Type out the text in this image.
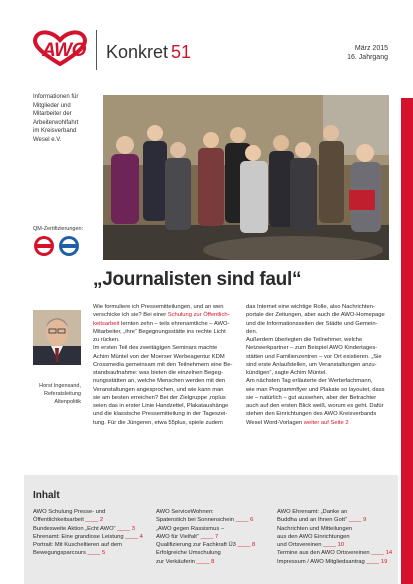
AWO Konkret 51	März 2015
16. Jahrgang
Informationen für
Mitglieder und
Mitarbeiter der
Arbeiterwohlfahrt
im Kreisverband
Wesel e.V.
QM-Zertifizierungen:
„Journalisten sind faul“
Horst Ingensand,
Referatsleitung
Altenpolitik
Wie formuliere ich Pressemitteilungen, und an wen
verschicke ich sie? Bei einer Schulung zur Öffentlich-
keitsarbeit lernten zehn – teils ehrenamtliche – AWO-
Mitarbeiter, „ihre“ Begegnungsstätte ins rechte Licht
zu rücken.
Im ersten Teil des zweitägigen Seminars machte
Achim Müntel von der Moerser Werbeagentur KDM
Crossmedia gemeinsam mit den Teilnehmern eine Be-
standsaufnahme: was bieten die einzelnen Begeg-
nungsstätten an, welche Menschen werden mit den
Veranstaltungen angesprochen, und wie kann man
sie am besten erreichen? Bei der Zielgruppe ‚roplus
seien das in erster Linie Handzettel, Plakataushänge
und die klassische Pressemitteilung in der Tageszei-
tung. Für die Jüngeren, etwa 55plus, spiele zudem
das Internet eine wichtige Rolle, also Nachrichten-
portale der Zeitungen, aber auch die AWO-Homepage
und die Informationsseiten der Städte und Gemein-
den.
Außerdem überlegten die Teilnehmer, welche
Netzwerkpartner – zum Beispiel AWO Kindertages-
stätten und Familienzentren – vor Ort existieren. „Sie
sind erste Anlaufstellen, um Veranstaltungen anzu-
kündigen“, sagte Achim Müntel.
Am nächsten Tag erläuterte der Werbefachmann,
wie man Programmflyer und Plakate so layoutet, dass
sie – natürlich – gut aussehen, aber der Betrachter
auch auf den ersten Blick weiß, worum es geht. Dafür
stehen den Einrichtungen des AWO Kreisverbands
Wesel Word-Vorlagen weiter auf Seite 2
Inhalt
AWO Schulung Presse- und
Öffentlichkeitsarbeit ____ 2
Bundesweite Aktion „Echt AWO“ ____ 3
Ehrenamt: Eine grandiose Leistung ____ 4
Portrait: Mit Kuscheltieren auf dem
Bewegungsparcours ____ 5
AWO ServiceWohnen:
Spatenstich bei Sonnenschein ____ 6
„AWO gegen Rassismus –
AWO für Vielfalt“ ____ 7
Qualifizierung zur Fachkraft Ü3 ____ 8
Erfolgreiche Umschulung
zur Verkäuferin ____ 8
AWO Ehrenamt: „Danke an
Buddha und an Ihnen Gott“ ____ 9
Nachrichten und Mitteilungen
aus den AWO Einrichtungen
und Ortsvereinen ____ 10
Termine aus den AWO Ortsvereinen ____ 14
Impressum / AWO Mitgliedsantrag ____ 19
